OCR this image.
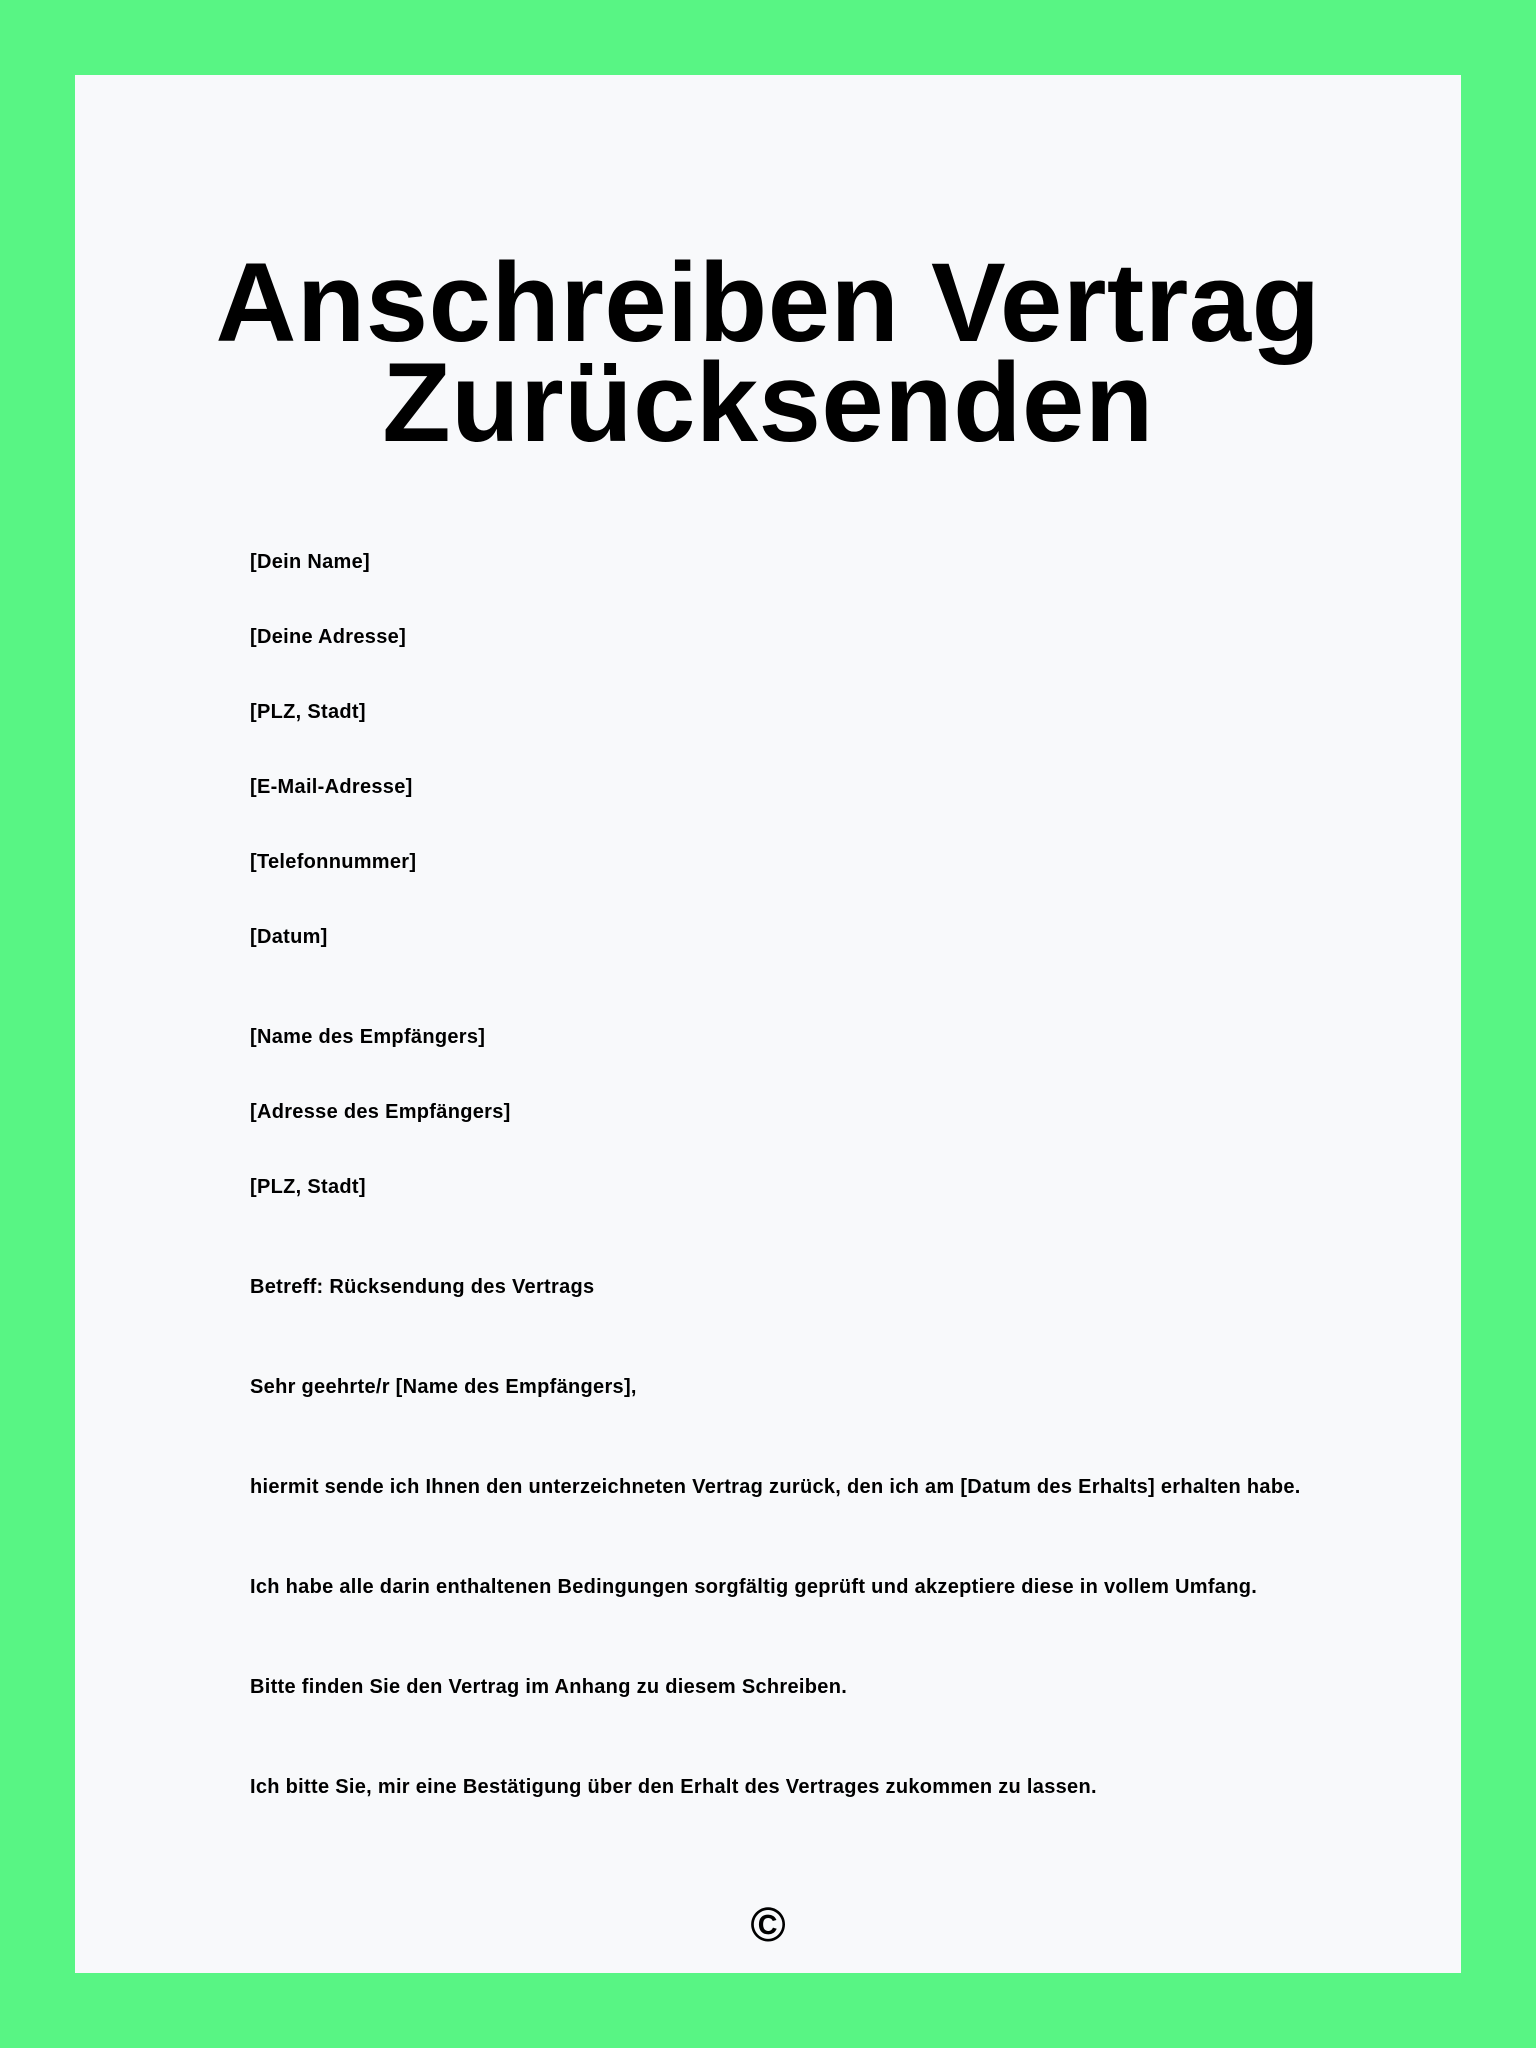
Anschreiben Vertrag
Zurücksenden

[Dein Name]

[Deine Adresse]

[PLZ, Stadt]

[E-Mail-Adresse]

[Telefonnummer]

[Datum]

[Name des Empfängers]

[Adresse des Empfängers]

[PLZ, Stadt]

Betreff: Rücksendung des Vertrags

Sehr geehrte/r [Name des Empfängers],

hiermit sende ich Ihnen den unterzeichneten Vertrag zurück, den ich am [Datum des Erhalts] erhalten habe.

Ich habe alle darin enthaltenen Bedingungen sorgfältig geprüft und akzeptiere diese in vollem Umfang.

Bitte finden Sie den Vertrag im Anhang zu diesem Schreiben.

Ich bitte Sie, mir eine Bestätigung über den Erhalt des Vertrages zukommen zu lassen.

©
